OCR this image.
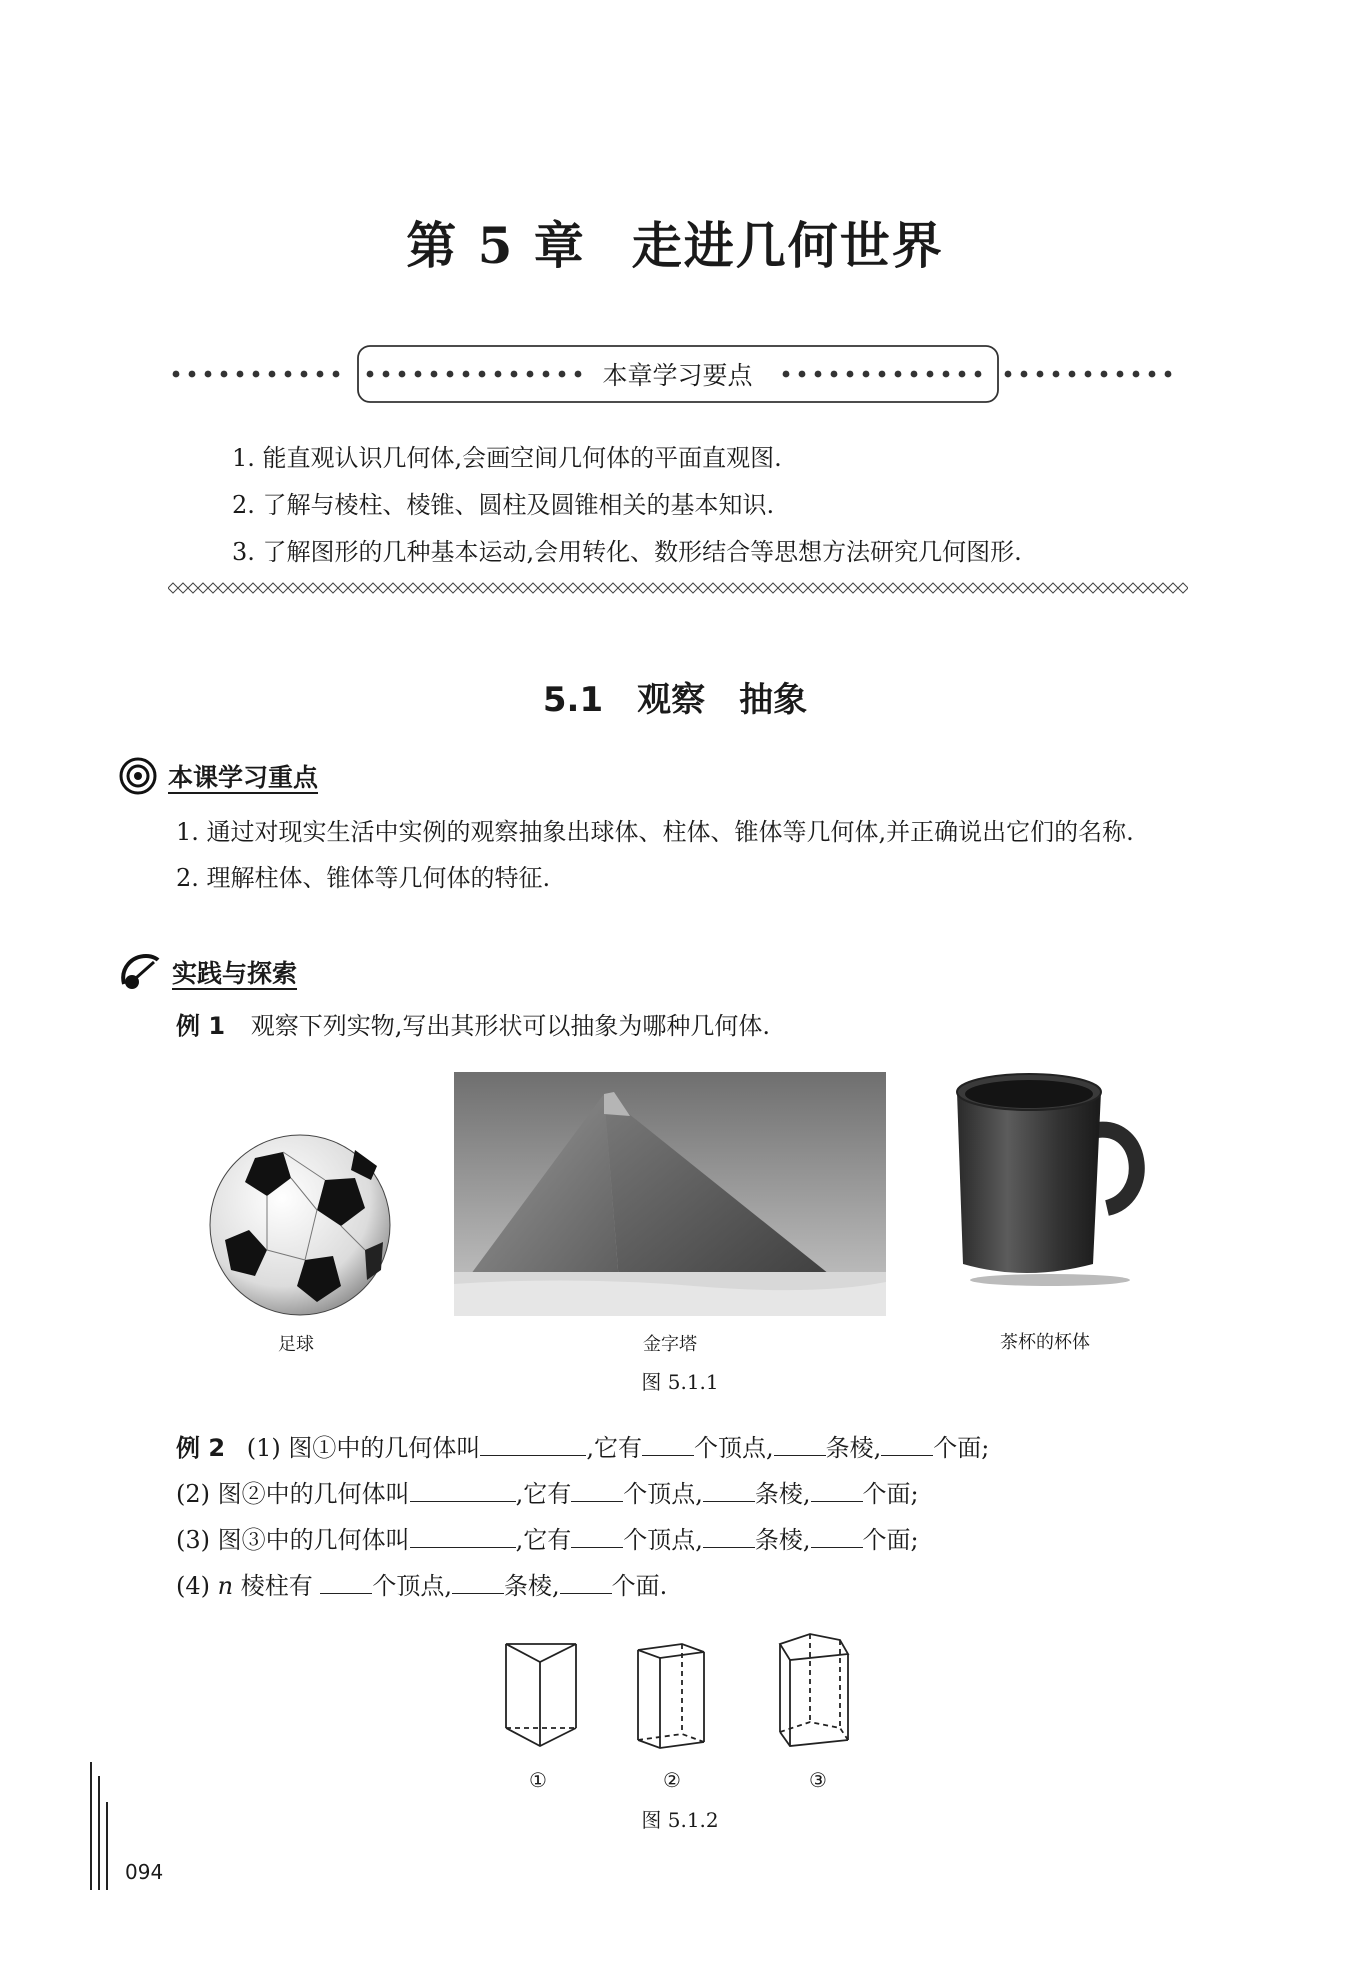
第 5 章 走进几何世界
本章学习要点
1. 能直观认识几何体,会画空间几何体的平面直观图.
2. 了解与棱柱、棱锥、圆柱及圆锥相关的基本知识.
3. 了解图形的几种基本运动,会用转化、数形结合等思想方法研究几何图形.
5.1 观察　抽象
本课学习重点
1. 通过对现实生活中实例的观察抽象出球体、柱体、锥体等几何体,并正确说出它们的名称.
2. 理解柱体、锥体等几何体的特征.
实践与探索
例 1 观察下列实物,写出其形状可以抽象为哪种几何体.
足球	金字塔	茶杯的杯体
图 5.1.1
例 2 (1) 图①中的几何体叫	,它有 个顶点, 条棱, 个面;
(2) 图②中的几何体叫	,它有 个顶点, 条棱, 个面;
(3) 图③中的几何体叫	,它有 个顶点, 条棱, 个面;
(4) n 棱柱有 个顶点, 条棱, 个面.
①	②	③
图 5.1.2
094
